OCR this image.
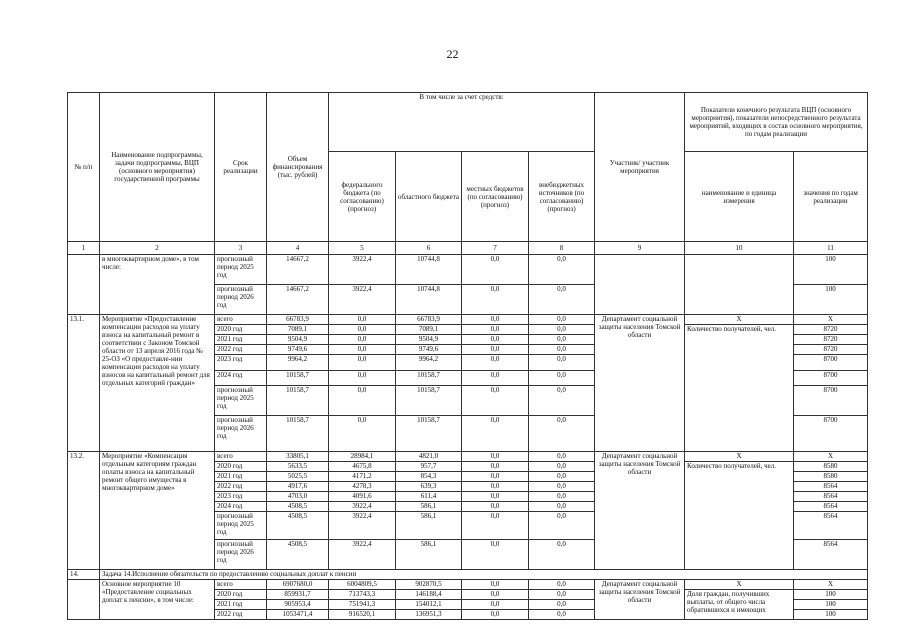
22
№ п/п	Наименование подпрограммы, задачи подпрограммы, ВЦП (основного мероприятия) государственной программы	Срок реализации	Объем финансирования (тыс. рублей)	В том числе за счет средств:				Участник/ участник мероприятия	Показатели конечного результата ВЦП (основного мероприятия), показатели непосредственного результата мероприятий, входящих в состав основного мероприятия, по годам реализации	
				федерального бюджета (по согласованию) (прогноз)	областного бюджета	местных бюджетов (по согласованию) (прогноз)	внебюджетных источников (по согласованию) (прогноз)		наименование и единица измерения	значения по годам реализации
1	2	3	4	5	6	7	8	9	10	11
	в многоквартирном доме», в том числе:	прогнозный период 2025 год	14667,2	3922,4	10744,8	0,0	0,0			100
		прогнозный период 2026 год	14667,2	3922,4	10744,8	0,0	0,0			100
13.1.	Мероприятие «Предоставление компенсации расходов на уплату взноса на капитальный ремонт в соответствии с Законом Томской области от 13 апреля 2016 года № 25-ОЗ «О предоставле-нии компенсации расходов на уплату взносов на капитальный ремонт для отдельных категорий граждан»	всего	66783,9	0,0	66783,9	0,0	0,0	Департамент социальной защиты населения Томской области	X	X
		2020 год	7089,1	0,0	7089,1	0,0	0,0		Количество получателей, чел.	8720
		2021 год	9504,9	0,0	9504,9	0,0	0,0			8720
		2022 год	9749,6	0,0	9749,6	0,0	0,0			8720
		2023 год	9964,2	0,0	9964,2	0,0	0,0			8700
		2024 год	10158,7	0,0	10158,7	0,0	0,0			8700
		прогнозный период 2025 год	10158,7	0,0	10158,7	0,0	0,0			8700
		прогнозный период 2026 год	10158,7	0,0	10158,7	0,0	0,0			8700
13.2.	Мероприятие «Компенсация отдельным категориям граждан оплаты взноса на капитальный ремонт общего имущества в многоквартирном доме»	всего	33805,1	28984,1	4821,0	0,0	0,0	Департамент социальной защиты населения Томской области	X	X
		2020 год	5633,5	4675,8	957,7	0,0	0,0		Количество получателей, чел.	8580
		2021 год	5025,5	4171,2	854,3	0,0	0,0			8580
		2022 год	4917,6	4278,3	639,3	0,0	0,0			8564
		2023 год	4703,0	4091,6	611,4	0,0	0,0			8564
		2024 год	4508,5	3922,4	586,1	0,0	0,0			8564
		прогнозный период 2025 год	4508,5	3922,4	586,1	0,0	0,0			8564
		прогнозный период 2026 год	4508,5	3922,4	586,1	0,0	0,0			8564
14.	Задача 14.Исполнение обязательств по предоставлению социальных доплат к пенсии									
	Основное мероприятие 10 «Предоставление социальных доплат к пенсии», в том числе:	всего	6907680,0	6004809,5	902870,5	0,0	0,0	Департамент социальной защиты населения Томской области	X	X
		2020 год	859931,7	713743,3	146188,4	0,0	0,0		Доля граждан, получивших выплаты, от общего числа обратившихся и имеющих	100
		2021 год	905953,4	751941,3	154012,1	0,0	0,0			100
		2022 год	1053471,4	916520,1	136951,3	0,0	0,0			100
